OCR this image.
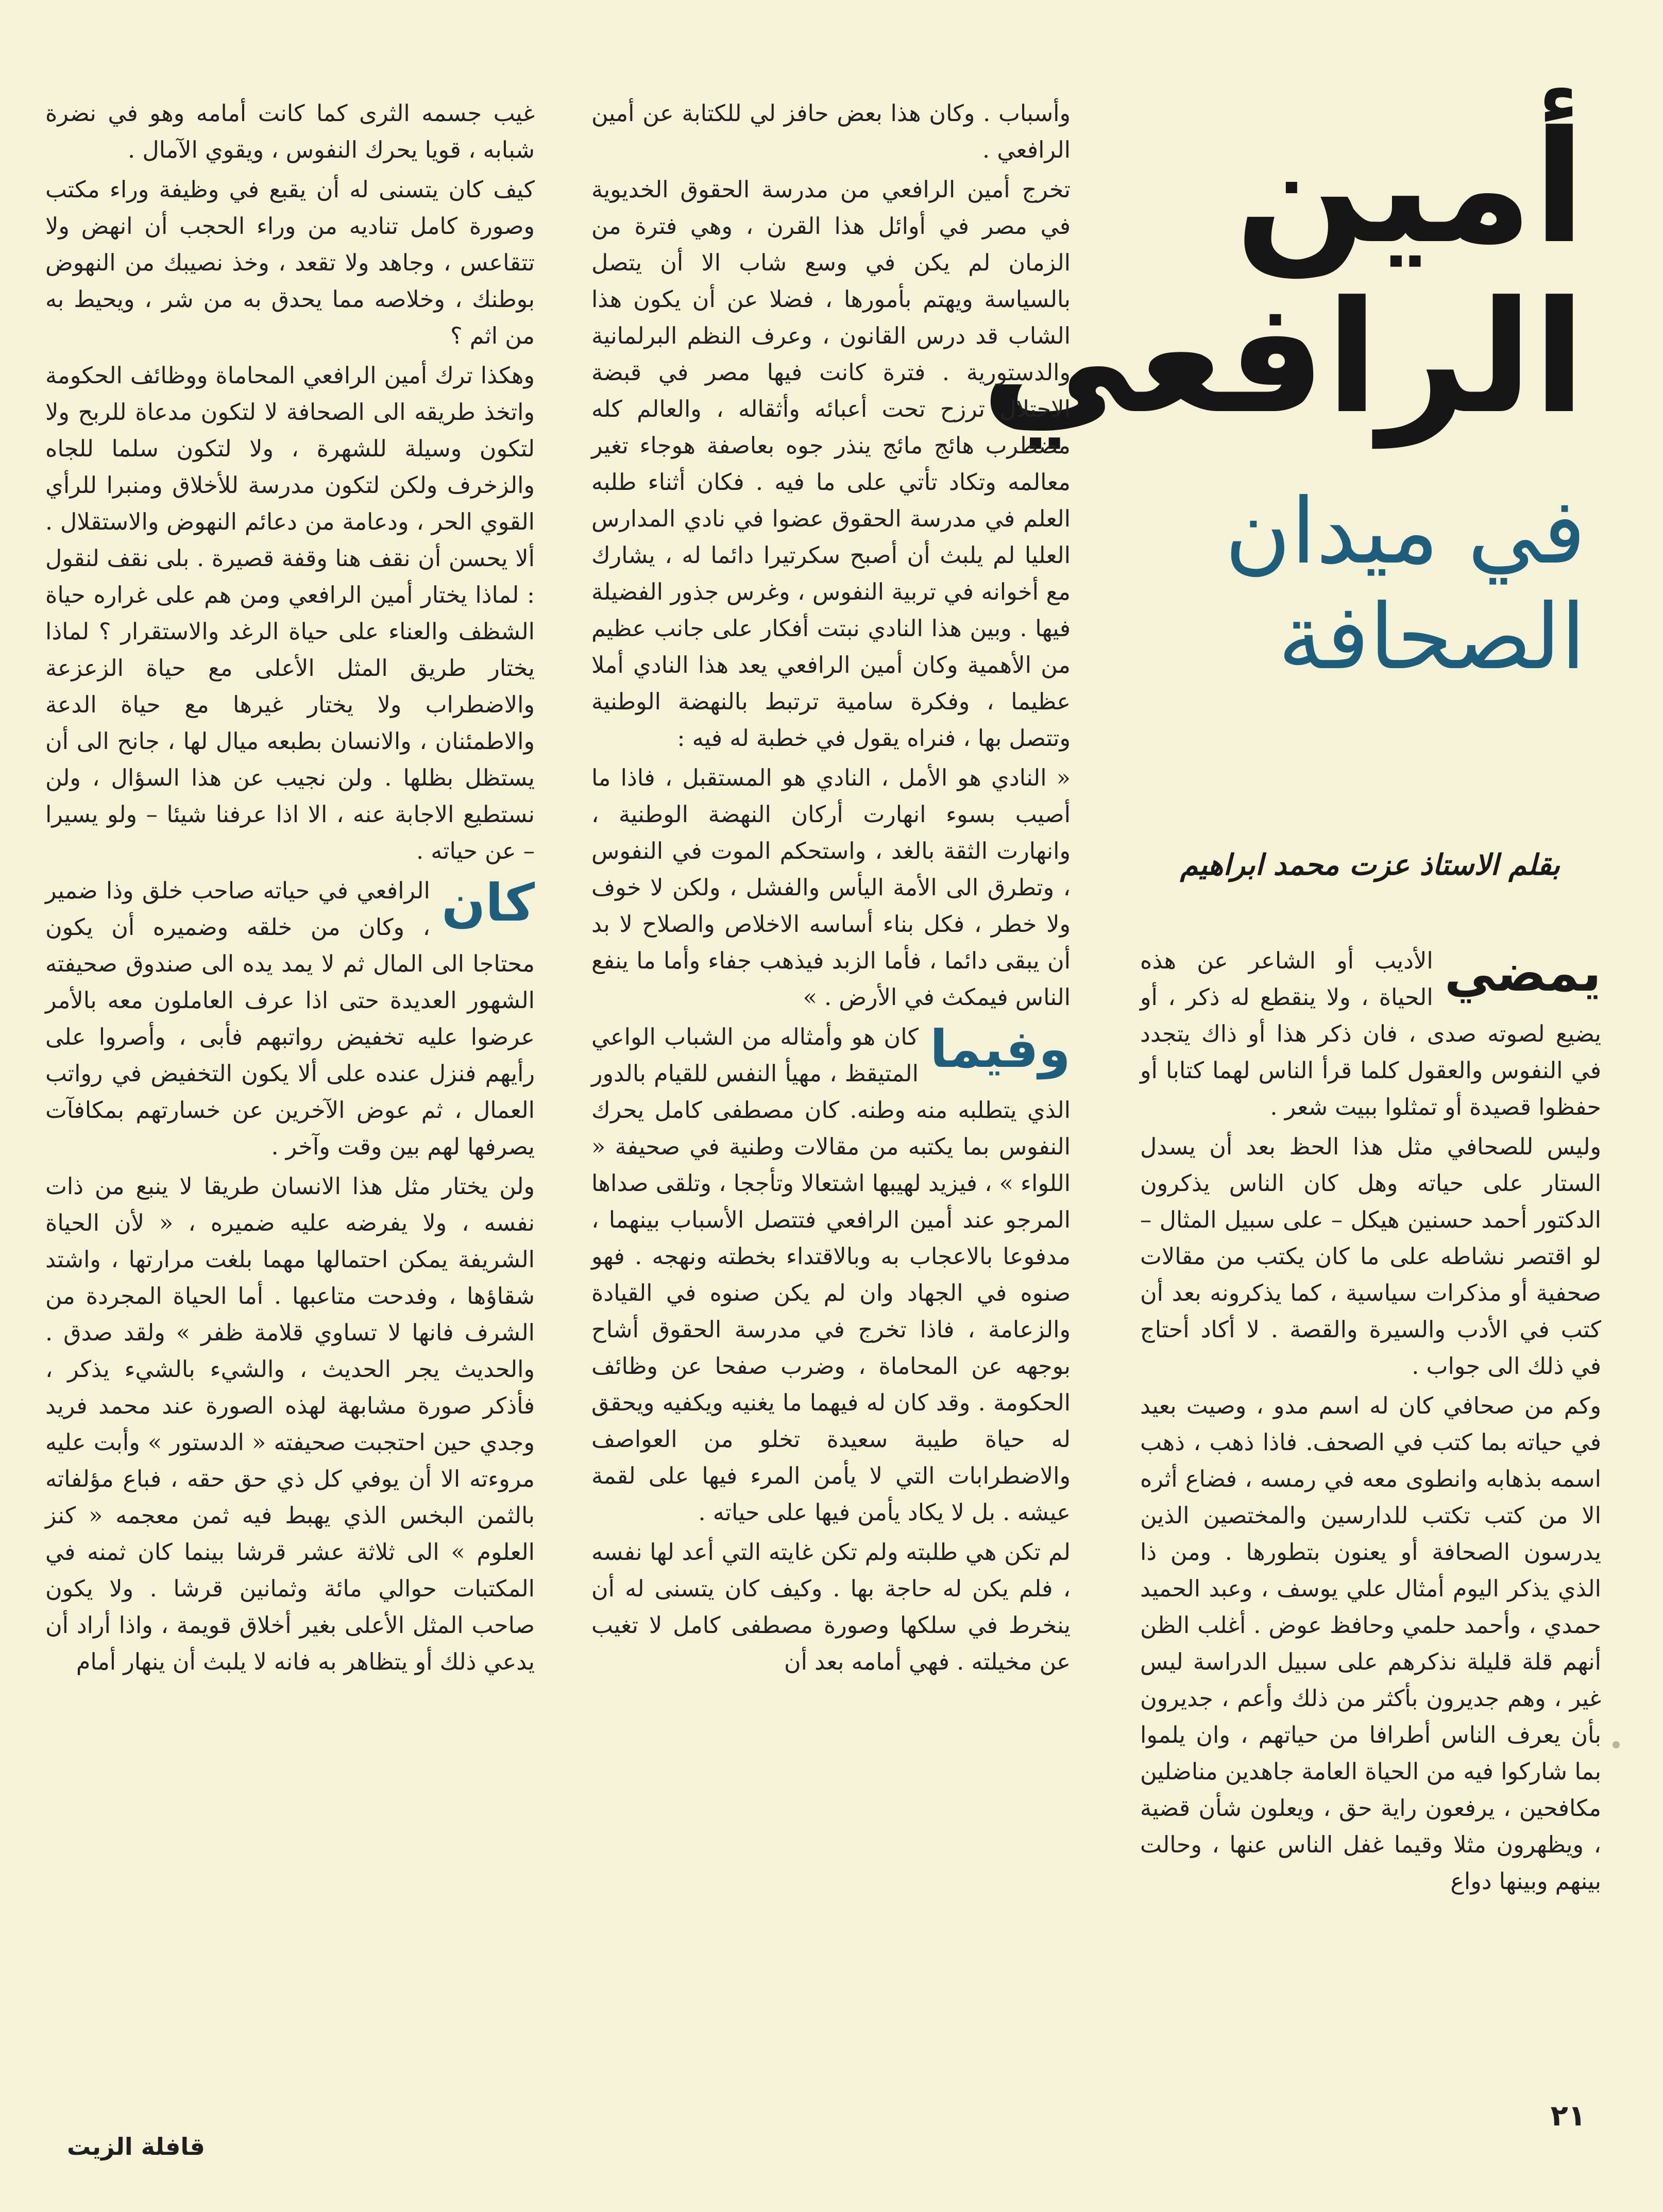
أمين
الرافعي
في ميدان
الصحافة
بقلم الاستاذ عزت محمد ابراهيم
يمضي

الأديب أو الشاعر عن هذه الحياة ، ولا ينقطع له ذكر ، أو يضيع لصوته صدى ، فان ذكر هذا أو ذاك يتجدد في النفوس والعقول كلما قرأ الناس لهما كتابا أو حفظوا قصيدة أو تمثلوا ببيت شعر .

وليس للصحافي مثل هذا الحظ بعد أن يسدل الستار على حياته وهل كان الناس يذكرون الدكتور أحمد حسنين هيكل – على سبيل المثال – لو اقتصر نشاطه على ما كان يكتب من مقالات صحفية أو مذكرات سياسية ، كما يذكرونه بعد أن كتب في الأدب والسيرة والقصة . لا أكاد أحتاج في ذلك الى جواب .

وكم من صحافي كان له اسم مدو ، وصيت بعيد في حياته بما كتب في الصحف. فاذا ذهب ، ذهب اسمه بذهابه وانطوى معه في رمسه ، فضاع أثره الا من كتب تكتب للدارسين والمختصين الذين يدرسون الصحافة أو يعنون بتطورها . ومن ذا الذي يذكر اليوم أمثال علي يوسف ، وعبد الحميد حمدي ، وأحمد حلمي وحافظ عوض . أغلب الظن أنهم قلة قليلة نذكرهم على سبيل الدراسة ليس غير ، وهم جديرون بأكثر من ذلك وأعم ، جديرون بأن يعرف الناس أطرافا من حياتهم ، وان يلموا بما شاركوا فيه من الحياة العامة جاهدين مناضلين مكافحين ، يرفعون راية حق ، ويعلون شأن قضية ، ويظهرون مثلا وقيما غفل الناس عنها ، وحالت بينهم وبينها دواع

وأسباب . وكان هذا بعض حافز لي للكتابة عن أمين الرافعي .

تخرج أمين الرافعي من مدرسة الحقوق الخديوية في مصر في أوائل هذا القرن ، وهي فترة من الزمان لم يكن في وسع شاب الا أن يتصل بالسياسة ويهتم بأمورها ، فضلا عن أن يكون هذا الشاب قد درس القانون ، وعرف النظم البرلمانية والدستورية . فترة كانت فيها مصر في قبضة الاحتلال ترزح تحت أعبائه وأثقاله ، والعالم كله مضطرب هائج مائج ينذر جوه بعاصفة هوجاء تغير معالمه وتكاد تأتي على ما فيه . فكان أثناء طلبه العلم في مدرسة الحقوق عضوا في نادي المدارس العليا لم يلبث أن أصبح سكرتيرا دائما له ، يشارك مع أخوانه في تربية النفوس ، وغرس جذور الفضيلة فيها . وبين هذا النادي نبتت أفكار على جانب عظيم من الأهمية وكان أمين الرافعي يعد هذا النادي أملا عظيما ، وفكرة سامية ترتبط بالنهضة الوطنية وتتصل بها ، فنراه يقول في خطبة له فيه :

« النادي هو الأمل ، النادي هو المستقبل ، فاذا ما أصيب بسوء انهارت أركان النهضة الوطنية ، وانهارت الثقة بالغد ، واستحكم الموت في النفوس ، وتطرق الى الأمة اليأس والفشل ، ولكن لا خوف ولا خطر ، فكل بناء أساسه الاخلاص والصلاح لا بد أن يبقى دائما ، فأما الزبد فيذهب جفاء وأما ما ينفع الناس فيمكث في الأرض . »

وفيما

كان هو وأمثاله من الشباب الواعي المتيقظ ، مهيأ النفس للقيام بالدور الذي يتطلبه منه وطنه. كان مصطفى كامل يحرك النفوس بما يكتبه من مقالات وطنية في صحيفة « اللواء » ، فيزيد لهيبها اشتعالا وتأججا ، وتلقى صداها المرجو عند أمين الرافعي فتتصل الأسباب بينهما ، مدفوعا بالاعجاب به وبالاقتداء بخطته ونهجه . فهو صنوه في الجهاد وان لم يكن صنوه في القيادة والزعامة ، فاذا تخرج في مدرسة الحقوق أشاح بوجهه عن المحاماة ، وضرب صفحا عن وظائف الحكومة . وقد كان له فيهما ما يغنيه ويكفيه ويحقق له حياة طيبة سعيدة تخلو من العواصف والاضطرابات التي لا يأمن المرء فيها على لقمة عيشه . بل لا يكاد يأمن فيها على حياته .

لم تكن هي طلبته ولم تكن غايته التي أعد لها نفسه ، فلم يكن له حاجة بها . وكيف كان يتسنى له أن ينخرط في سلكها وصورة مصطفى كامل لا تغيب عن مخيلته . فهي أمامه بعد أن

غيب جسمه الثرى كما كانت أمامه وهو في نضرة شبابه ، قويا يحرك النفوس ، ويقوي الآمال .

كيف كان يتسنى له أن يقبع في وظيفة وراء مكتب وصورة كامل تناديه من وراء الحجب أن انهض ولا تتقاعس ، وجاهد ولا تقعد ، وخذ نصيبك من النهوض بوطنك ، وخلاصه مما يحدق به من شر ، ويحيط به من اثم ؟

وهكذا ترك أمين الرافعي المحاماة ووظائف الحكومة واتخذ طريقه الى الصحافة لا لتكون مدعاة للربح ولا لتكون وسيلة للشهرة ، ولا لتكون سلما للجاه والزخرف ولكن لتكون مدرسة للأخلاق ومنبرا للرأي القوي الحر ، ودعامة من دعائم النهوض والاستقلال . ألا يحسن أن نقف هنا وقفة قصيرة . بلى نقف لنقول : لماذا يختار أمين الرافعي ومن هم على غراره حياة الشظف والعناء على حياة الرغد والاستقرار ؟ لماذا يختار طريق المثل الأعلى مع حياة الزعزعة والاضطراب ولا يختار غيرها مع حياة الدعة والاطمئنان ، والانسان بطبعه ميال لها ، جانح الى أن يستظل بظلها . ولن نجيب عن هذا السؤال ، ولن نستطيع الاجابة عنه ، الا اذا عرفنا شيئا – ولو يسيرا – عن حياته .

كان

الرافعي في حياته صاحب خلق وذا ضمير ، وكان من خلقه وضميره أن يكون محتاجا الى المال ثم لا يمد يده الى صندوق صحيفته الشهور العديدة حتى اذا عرف العاملون معه بالأمر عرضوا عليه تخفيض رواتبهم فأبى ، وأصروا على رأيهم فنزل عنده على ألا يكون التخفيض في رواتب العمال ، ثم عوض الآخرين عن خسارتهم بمكافآت يصرفها لهم بين وقت وآخر .

ولن يختار مثل هذا الانسان طريقا لا ينبع من ذات نفسه ، ولا يفرضه عليه ضميره ، « لأن الحياة الشريفة يمكن احتمالها مهما بلغت مرارتها ، واشتد شقاؤها ، وفدحت متاعبها . أما الحياة المجردة من الشرف فانها لا تساوي قلامة ظفر » ولقد صدق . والحديث يجر الحديث ، والشيء بالشيء يذكر ، فأذكر صورة مشابهة لهذه الصورة عند محمد فريد وجدي حين احتجبت صحيفته « الدستور » وأبت عليه مروءته الا أن يوفي كل ذي حق حقه ، فباع مؤلفاته بالثمن البخس الذي يهبط فيه ثمن معجمه « كنز العلوم » الى ثلاثة عشر قرشا بينما كان ثمنه في المكتبات حوالي مائة وثمانين قرشا . ولا يكون صاحب المثل الأعلى بغير أخلاق قويمة ، واذا أراد أن يدعي ذلك أو يتظاهر به فانه لا يلبث أن ينهار أمام

٢١
قافلة الزيت
